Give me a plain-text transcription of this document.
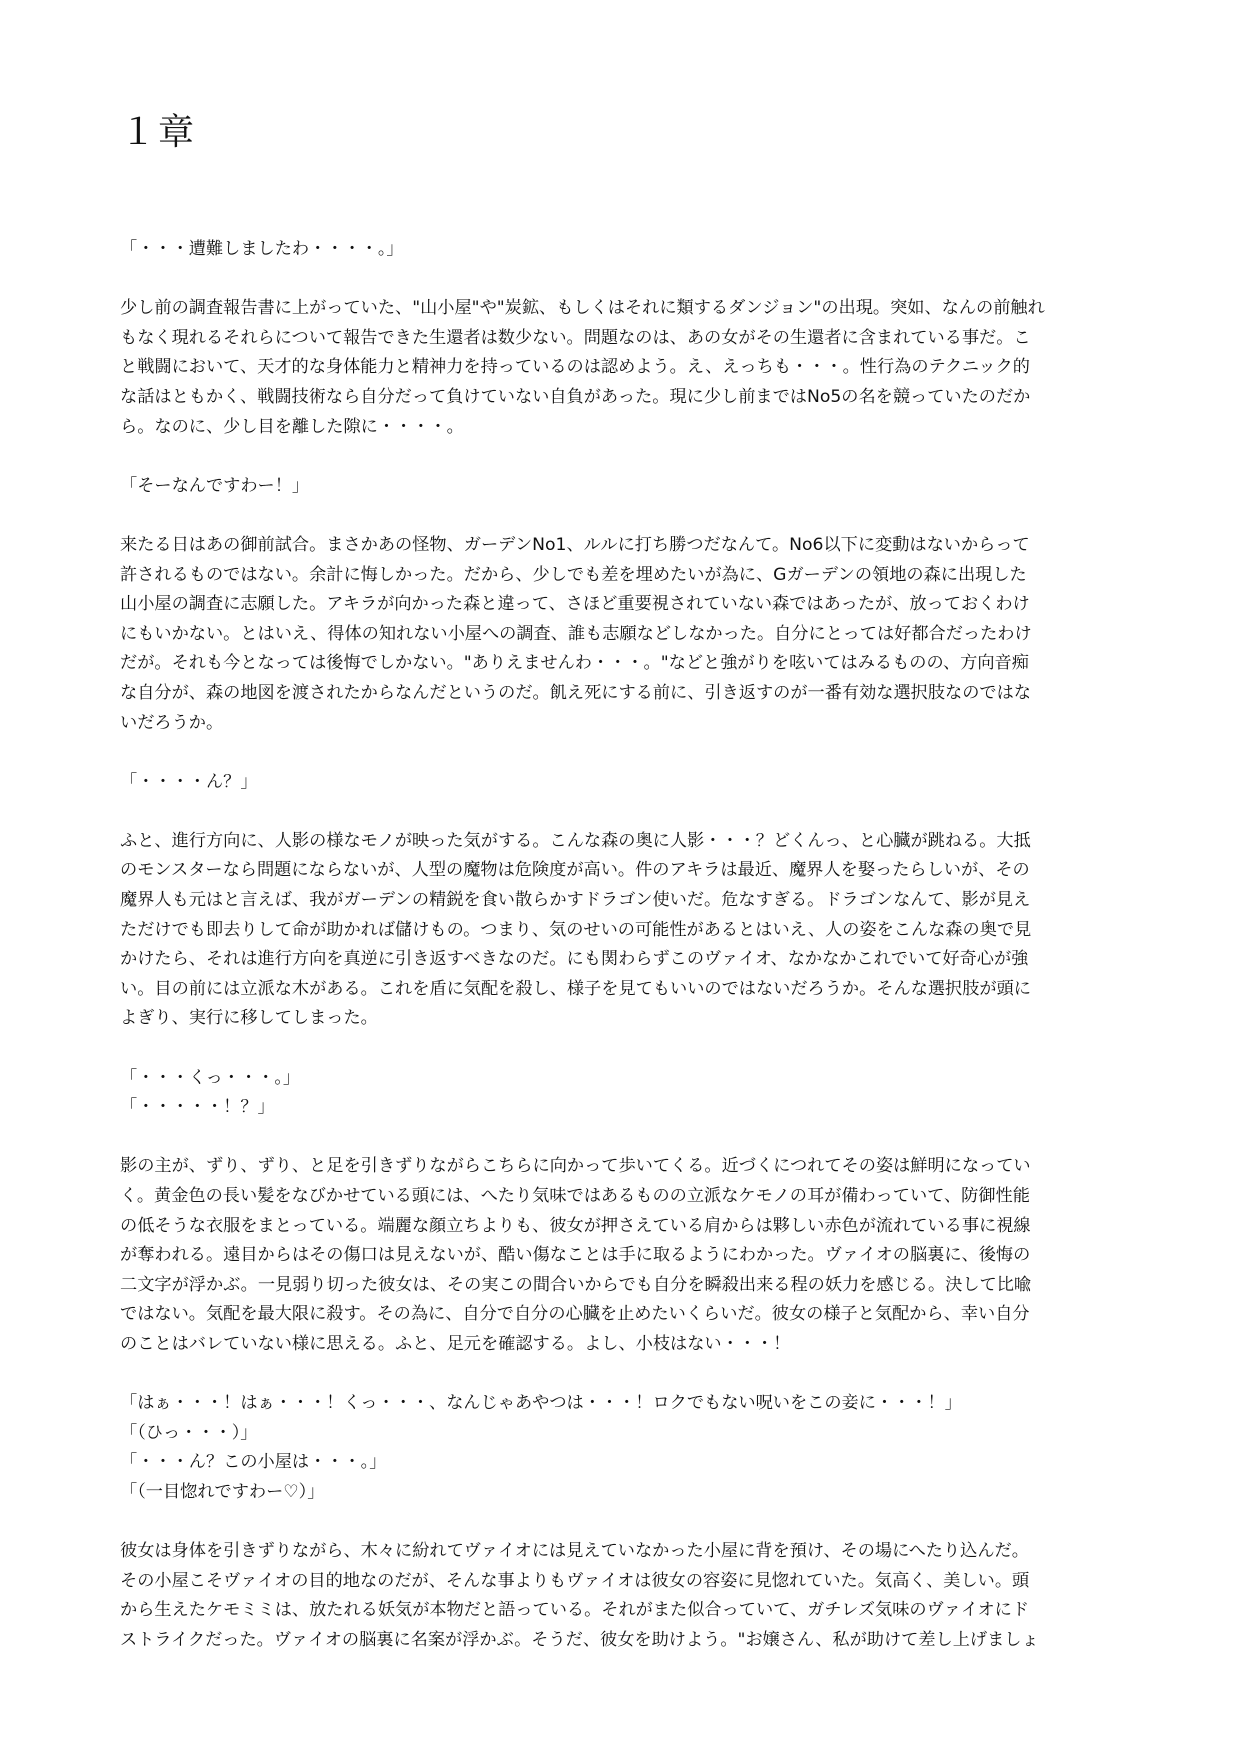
１章
「・・・遭難しましたわ・・・・。」
少し前の調査報告書に上がっていた、"山小屋"や"炭鉱、もしくはそれに類するダンジョン"の出現。突如、なんの前触れ
もなく現れるそれらについて報告できた生還者は数少ない。問題なのは、あの女がその生還者に含まれている事だ。こ
と戦闘において、天才的な身体能力と精神力を持っているのは認めよう。え、えっちも・・・。性行為のテクニック的
な話はともかく、戦闘技術なら自分だって負けていない自負があった。現に少し前まではNo5の名を競っていたのだか
ら。なのに、少し目を離した隙に・・・・。
「そーなんですわー！」
来たる日はあの御前試合。まさかあの怪物、ガーデンNo1、ルルに打ち勝つだなんて。No6以下に変動はないからって
許されるものではない。余計に悔しかった。だから、少しでも差を埋めたいが為に、Gガーデンの領地の森に出現した
山小屋の調査に志願した。アキラが向かった森と違って、さほど重要視されていない森ではあったが、放っておくわけ
にもいかない。とはいえ、得体の知れない小屋への調査、誰も志願などしなかった。自分にとっては好都合だったわけ
だが。それも今となっては後悔でしかない。"ありえませんわ・・・。"などと強がりを呟いてはみるものの、方向音痴
な自分が、森の地図を渡されたからなんだというのだ。飢え死にする前に、引き返すのが一番有効な選択肢なのではな
いだろうか。
「・・・・ん？」
ふと、進行方向に、人影の様なモノが映った気がする。こんな森の奥に人影・・・？どくんっ、と心臓が跳ねる。大抵
のモンスターなら問題にならないが、人型の魔物は危険度が高い。件のアキラは最近、魔界人を娶ったらしいが、その
魔界人も元はと言えば、我がガーデンの精鋭を食い散らかすドラゴン使いだ。危なすぎる。ドラゴンなんて、影が見え
ただけでも即去りして命が助かれば儲けもの。つまり、気のせいの可能性があるとはいえ、人の姿をこんな森の奥で見
かけたら、それは進行方向を真逆に引き返すべきなのだ。にも関わらずこのヴァイオ、なかなかこれでいて好奇心が強
い。目の前には立派な木がある。これを盾に気配を殺し、様子を見てもいいのではないだろうか。そんな選択肢が頭に
よぎり、実行に移してしまった。
「・・・くっ・・・。」
「・・・・・！？」
影の主が、ずり、ずり、と足を引きずりながらこちらに向かって歩いてくる。近づくにつれてその姿は鮮明になってい
く。黄金色の長い髪をなびかせている頭には、へたり気味ではあるものの立派なケモノの耳が備わっていて、防御性能
の低そうな衣服をまとっている。端麗な顔立ちよりも、彼女が押さえている肩からは夥しい赤色が流れている事に視線
が奪われる。遠目からはその傷口は見えないが、酷い傷なことは手に取るようにわかった。ヴァイオの脳裏に、後悔の
二文字が浮かぶ。一見弱り切った彼女は、その実この間合いからでも自分を瞬殺出来る程の妖力を感じる。決して比喩
ではない。気配を最大限に殺す。その為に、自分で自分の心臓を止めたいくらいだ。彼女の様子と気配から、幸い自分
のことはバレていない様に思える。ふと、足元を確認する。よし、小枝はない・・・！
「はぁ・・・！はぁ・・・！くっ・・・、なんじゃあやつは・・・！ロクでもない呪いをこの妾に・・・！」
「（ひっ・・・）」
「・・・ん？この小屋は・・・。」
「（一目惚れですわー♡）」
彼女は身体を引きずりながら、木々に紛れてヴァイオには見えていなかった小屋に背を預け、その場にへたり込んだ。
その小屋こそヴァイオの目的地なのだが、そんな事よりもヴァイオは彼女の容姿に見惚れていた。気高く、美しい。頭
から生えたケモミミは、放たれる妖気が本物だと語っている。それがまた似合っていて、ガチレズ気味のヴァイオにド
ストライクだった。ヴァイオの脳裏に名案が浮かぶ。そうだ、彼女を助けよう。"お嬢さん、私が助けて差し上げましょ
